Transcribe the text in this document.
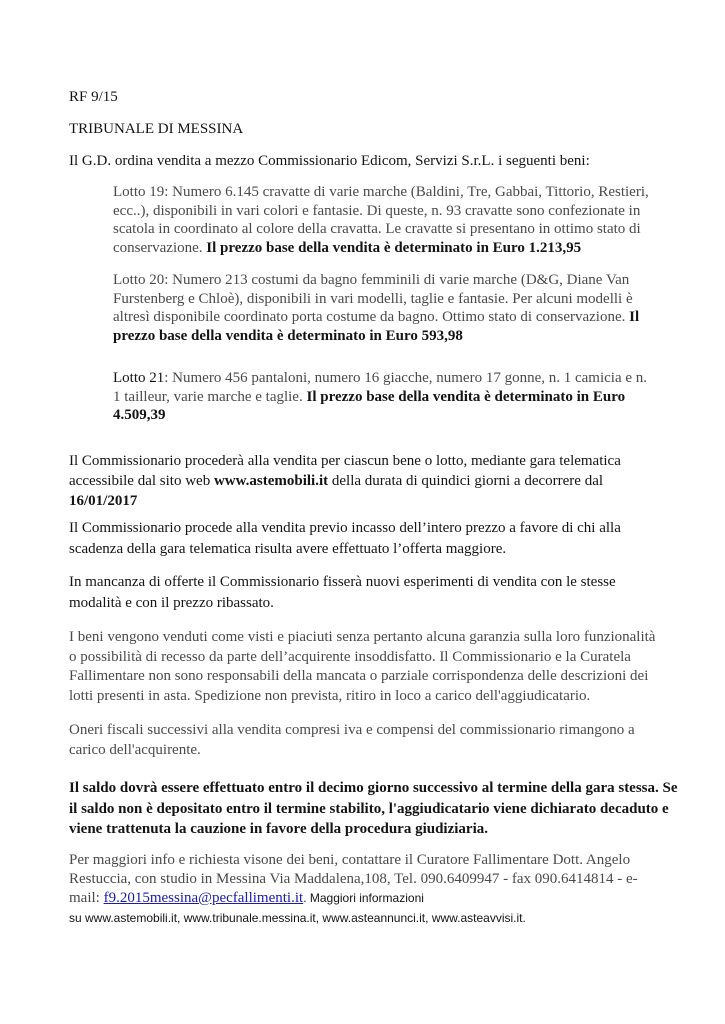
RF 9/15

TRIBUNALE DI MESSINA

Il G.D. ordina vendita a mezzo Commissionario Edicom, Servizi S.r.L. i seguenti beni:

Lotto 19: Numero 6.145 cravatte di varie marche (Baldini, Tre, Gabbai, Tittorio, Restieri, ecc..), disponibili in vari colori e fantasie. Di queste, n. 93 cravatte sono confezionate in scatola in coordinato al colore della cravatta. Le cravatte si presentano in ottimo stato di conservazione. Il prezzo base della vendita è determinato in Euro 1.213,95

Lotto 20: Numero 213 costumi da bagno femminili di varie marche (D&G, Diane Van Furstenberg e Chloè), disponibili in vari modelli, taglie e fantasie. Per alcuni modelli è altresì disponibile coordinato porta costume da bagno. Ottimo stato di conservazione. Il prezzo base della vendita è determinato in Euro 593,98

Lotto 21: Numero 456 pantaloni, numero 16 giacche, numero 17 gonne, n. 1 camicia e n. 1 tailleur, varie marche e taglie. Il prezzo base della vendita è determinato in Euro 4.509,39

Il Commissionario procederà alla vendita per ciascun bene o lotto, mediante gara telematica accessibile dal sito web www.astemobili.it della durata di quindici giorni a decorrere dal 16/01/2017

Il Commissionario procede alla vendita previo incasso dell’intero prezzo a favore di chi alla scadenza della gara telematica risulta avere effettuato l’offerta maggiore.

In mancanza di offerte il Commissionario fisserà nuovi esperimenti di vendita con le stesse modalità e con il prezzo ribassato.

I beni vengono venduti come visti e piaciuti senza pertanto alcuna garanzia sulla loro funzionalità o possibilità di recesso da parte dell’acquirente insoddisfatto. Il Commissionario e la Curatela Fallimentare non sono responsabili della mancata o parziale corrispondenza delle descrizioni dei lotti presenti in asta. Spedizione non prevista, ritiro in loco a carico dell'aggiudicatario.

Oneri fiscali successivi alla vendita compresi iva e compensi del commissionario rimangono a carico dell'acquirente.

Il saldo dovrà essere effettuato entro il decimo giorno successivo al termine della gara stessa. Se il saldo non è depositato entro il termine stabilito, l'aggiudicatario viene dichiarato decaduto e viene trattenuta la cauzione in favore della procedura giudiziaria.

Per maggiori info e richiesta visone dei beni, contattare il Curatore Fallimentare Dott. Angelo Restuccia, con studio in Messina Via Maddalena,108, Tel. 090.6409947 - fax 090.6414814 - e-mail: f9.2015messina@pecfallimenti.it. Maggiori informazioni

su www.astemobili.it, www.tribunale.messina.it, www.asteannunci.it, www.asteavvisi.it.
